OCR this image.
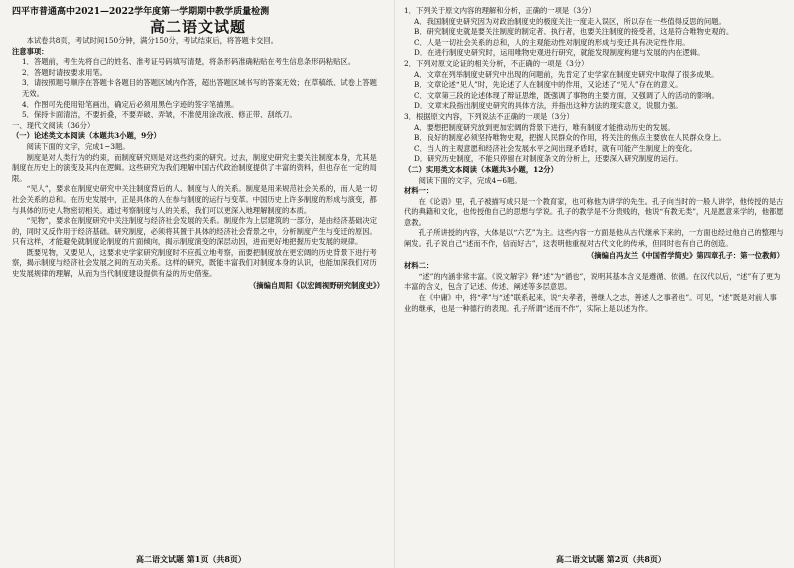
四平市普通高中2021—2022学年度第一学期期中教学质量检测
高二语文试题

本试卷共8页，考试时间150分钟，满分150分，考试结束后，将答题卡交回。

注意事项：
1．答题前，考生先将自己的姓名、准考证号码填写清楚，将条形码准确粘贴在考生信息条形码粘贴区。
2．答题时请按要求用笔。
3．请按照题号顺序在答题卡各题目的答题区域内作答，超出答题区域书写的答案无效；在草稿纸、试卷上答题无效。
4．作图可先使用铅笔画出，确定后必须用黑色字迹的签字笔描黑。
5．保持卡面清洁，不要折叠，不要弄破、弄皱，不准使用涂改液、修正带、刮纸刀。
一、现代文阅读（36分）
（一）论述类文本阅读（本题共3小题，9分）

阅读下面的文字，完成1~3题。

制度是对人类行为的约束，而制度研究则是对这些约束的研究。过去，制度史研究主要关注制度本身，尤其是制度在历史上的演变及其内在逻辑。这些研究为我们理解中国古代政治制度提供了丰富的资料，但也存在一定的局限。

“见人”，要求在制度史研究中关注制度背后的人、制度与人的关系。制度是用来规范社会关系的，而人是一切社会关系的总和。在历史发展中，正是具体的人在参与制度的运行与变革。中国历史上许多制度的形成与演变，都与具体的历史人物密切相关。通过考察制度与人的关系，我们可以更深入地理解制度的本质。

“见物”，要求在制度研究中关注制度与经济社会发展的关系。制度作为上层建筑的一部分，是由经济基础决定的，同时又反作用于经济基础。研究制度，必须将其置于具体的经济社会背景之中，分析制度产生与变迁的原因。只有这样，才能避免就制度论制度的片面倾向，揭示制度演变的深层动因，进而更好地把握历史发展的规律。

既要见物，又要见人，这要求史学家研究制度时不应孤立地考察，而要把制度放在更宏阔的历史背景下进行考察，揭示制度与经济社会发展之间的互动关系。这样的研究，既能丰富我们对制度本身的认识，也能加深我们对历史发展规律的理解，从而为当代制度建设提供有益的历史借鉴。

（摘编自周阳《以宏阔视野研究制度史》）
1．下列关于原文内容的理解和分析，正确的一项是（3分）
A．我国制度史研究因为对政治制度史的极度关注一度走入误区，所以存在一些值得反思的问题。
B．研究制度史就是要关注制度的制定者、执行者，也要关注制度的接受者，这是符合唯物史观的。
C．人是一切社会关系的总和，人的主观能动性对制度的形成与变迁具有决定性作用。
D．在进行制度史研究时，运用唯物史观进行研究，就能发现制度构建与发展的内在逻辑。
2．下列对原文论证的相关分析，不正确的一项是（3分）
A．文章在列举制度史研究中出现的问题前，先肯定了史学家在制度史研究中取得了很多成果。
B．文章论述“见人”时，先论述了人在制度中的作用，又论述了“见人”存在的意义。
C．文章第三段的论述体现了辩证思维，既强调了事物的主要方面，又强调了人的活动的影响。
D．文章末段指出制度史研究的具体方法，并指出这种方法的现实意义，说服力强。
3．根据原文内容，下列说法不正确的一项是（3分）
A．要想把制度研究放到更加宏阔的背景下进行，唯有制度才能推动历史的发展。
B．良好的制度必须坚持唯物史观，把握人民群众的作用，将关注的焦点主要放在人民群众身上。
C．当人的主观意愿和经济社会发展水平之间出现矛盾时，就有可能产生制度上的变化。
D．研究历史制度，不能只停留在对制度条文的分析上，还要深入研究制度的运行。
（二）实用类文本阅读（本题共3小题，12分）

阅读下面的文字，完成4~6题。

材料一：

在《论语》里，孔子被描写成只是一个教育家，也可称他为讲学的先生。孔子向当时的一般人讲学，他传授的是古代的典籍和文化，也传授他自己的思想与学说。孔子的教学是不分贵贱的，他说“有教无类”，凡是愿意来学的，他都愿意教。

孔子所讲授的内容，大体是以“六艺”为主。这些内容一方面是他从古代继承下来的，一方面也经过他自己的整理与阐发。孔子说自己“述而不作，信而好古”，这表明他重视对古代文化的传承，但同时也有自己的创造。

（摘编自冯友兰《中国哲学简史》第四章孔子：第一位教师）
材料二：

“述”的内涵非常丰富。《说文解字》释“述”为“循也”，说明其基本含义是遵循、依循。在汉代以后，“述”有了更为丰富的含义，包含了记述、传述、阐述等多层意思。

在《中庸》中，将“孝”与“述”联系起来，说“夫孝者，善继人之志，善述人之事者也”。可见，“述”既是对前人事业的继承，也是一种德行的表现。孔子所谓“述而不作”，实际上是以述为作。

高二语文试题 第1页（共8页）	高二语文试题 第2页（共8页）
